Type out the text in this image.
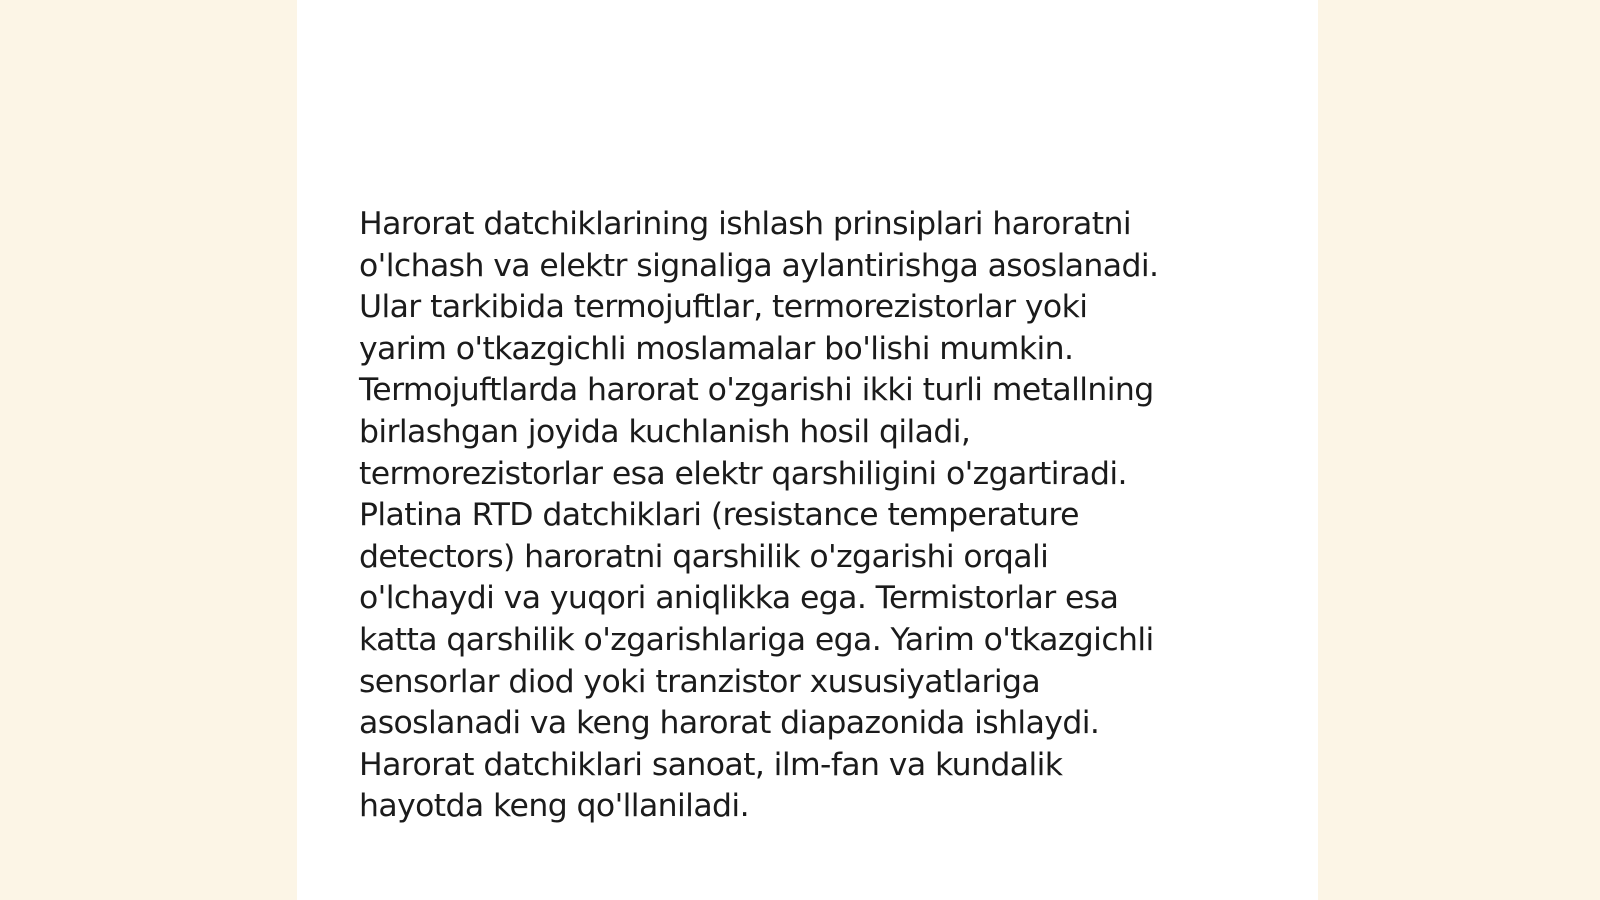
Harorat datchiklarining ishlash prinsiplari haroratni
o'lchash va elektr signaliga aylantirishga asoslanadi.
Ular tarkibida termojuftlar, termorezistorlar yoki
yarim o'tkazgichli moslamalar bo'lishi mumkin.
Termojuftlarda harorat o'zgarishi ikki turli metallning
birlashgan joyida kuchlanish hosil qiladi,
termorezistorlar esa elektr qarshiligini o'zgartiradi.
Platina RTD datchiklari (resistance temperature
detectors) haroratni qarshilik o'zgarishi orqali
o'lchaydi va yuqori aniqlikka ega. Termistorlar esa
katta qarshilik o'zgarishlariga ega. Yarim o'tkazgichli
sensorlar diod yoki tranzistor xususiyatlariga
asoslanadi va keng harorat diapazonida ishlaydi.
Harorat datchiklari sanoat, ilm-fan va kundalik
hayotda keng qo'llaniladi.
